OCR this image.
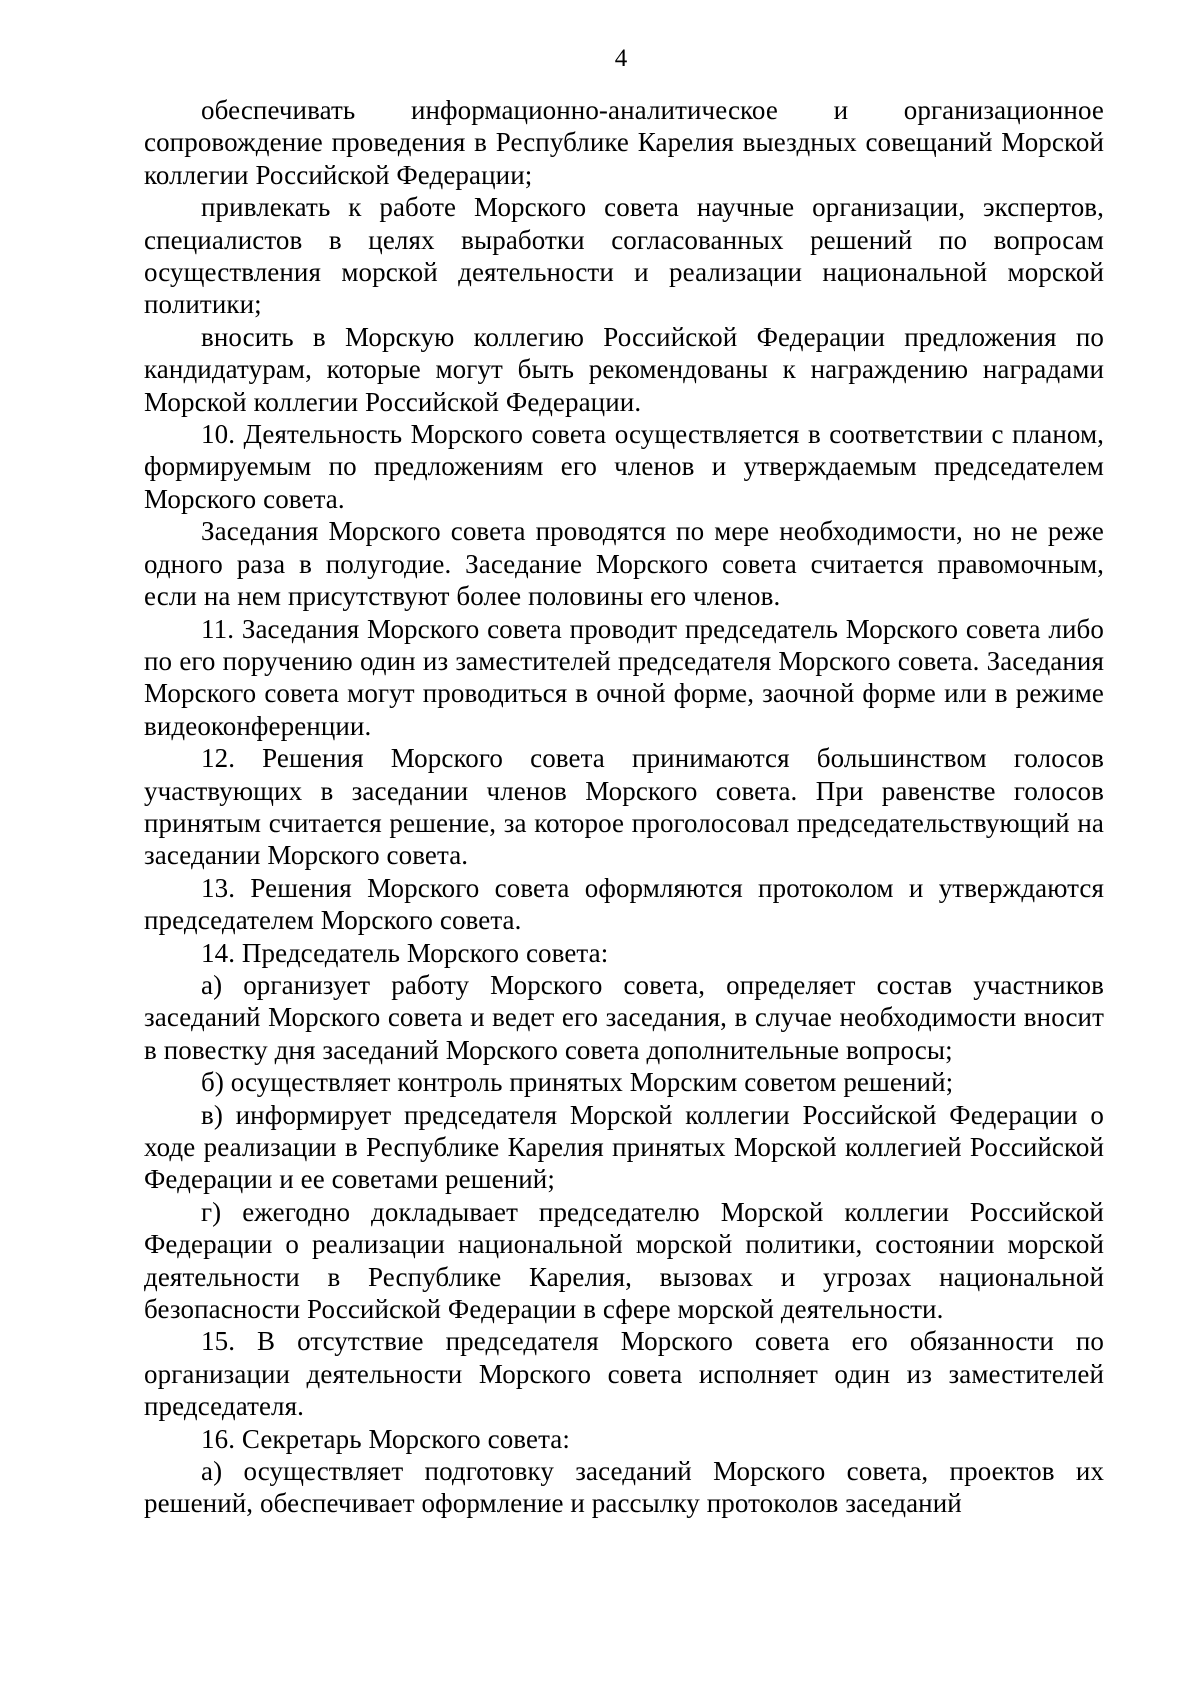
4

обеспечивать информационно-аналитическое и организационное сопровождение проведения в Республике Карелия выездных совещаний Морской коллегии Российской Федерации;

привлекать к работе Морского совета научные организации, экспертов, специалистов в целях выработки согласованных решений по вопросам осуществления морской деятельности и реализации национальной морской политики;

вносить в Морскую коллегию Российской Федерации предложения по кандидатурам, которые могут быть рекомендованы к награждению наградами Морской коллегии Российской Федерации.

10. Деятельность Морского совета осуществляется в соответствии с планом, формируемым по предложениям его членов и утверждаемым председателем Морского совета.

Заседания Морского совета проводятся по мере необходимости, но не реже одного раза в полугодие. Заседание Морского совета считается правомочным, если на нем присутствуют более половины его членов.

11. Заседания Морского совета проводит председатель Морского совета либо по его поручению один из заместителей председателя Морского совета. Заседания Морского совета могут проводиться в очной форме, заочной форме или в режиме видеоконференции.

12. Решения Морского совета принимаются большинством голосов участвующих в заседании членов Морского совета. При равенстве голосов принятым считается решение, за которое проголосовал председательствующий на заседании Морского совета.

13. Решения Морского совета оформляются протоколом и утверждаются председателем Морского совета.

14. Председатель Морского совета:

а) организует работу Морского совета, определяет состав участников заседаний Морского совета и ведет его заседания, в случае необходимости вносит в повестку дня заседаний Морского совета дополнительные вопросы;

б) осуществляет контроль принятых Морским советом решений;

в) информирует председателя Морской коллегии Российской Федерации о ходе реализации в Республике Карелия принятых Морской коллегией Российской Федерации и ее советами решений;

г) ежегодно докладывает председателю Морской коллегии Российской Федерации о реализации национальной морской политики, состоянии морской деятельности в Республике Карелия, вызовах и угрозах национальной безопасности Российской Федерации в сфере морской деятельности.

15. В отсутствие председателя Морского совета его обязанности по организации деятельности Морского совета исполняет один из заместителей председателя.

16. Секретарь Морского совета:

а) осуществляет подготовку заседаний Морского совета, проектов их решений, обеспечивает оформление и рассылку протоколов заседаний
